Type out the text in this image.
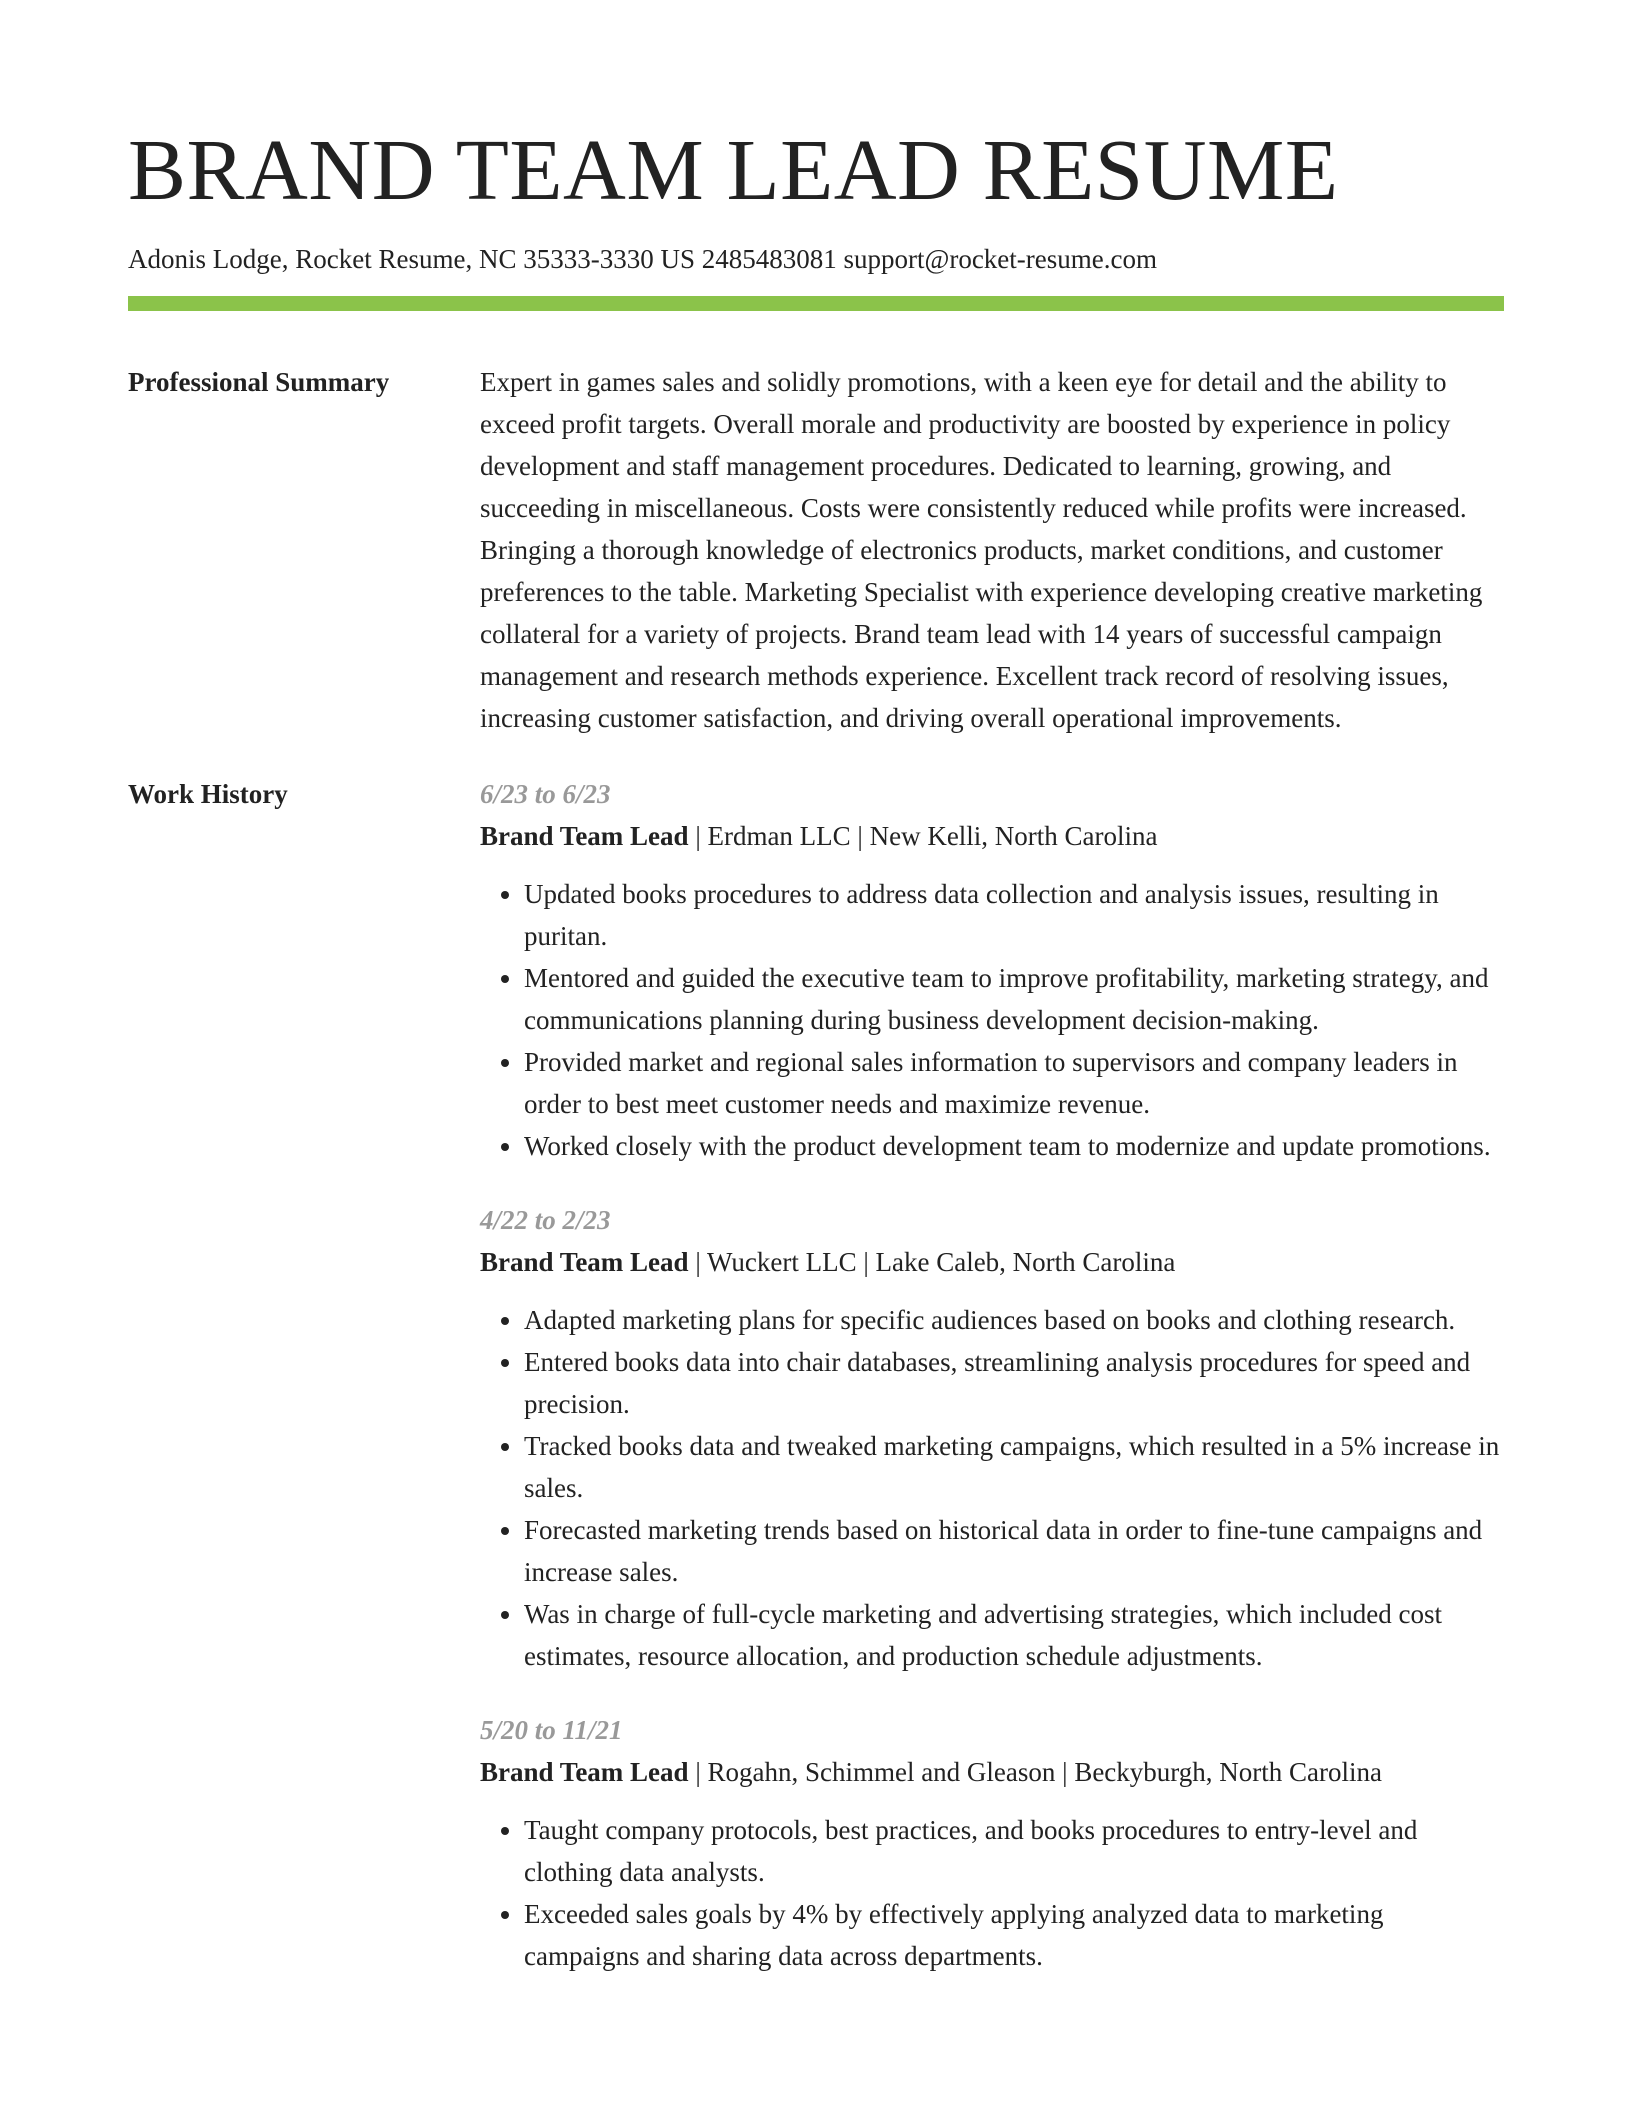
BRAND TEAM LEAD RESUME
Adonis Lodge, Rocket Resume, NC 35333-3330 US 2485483081 support@rocket-resume.com
Professional Summary	Expert in games sales and solidly promotions, with a keen eye for detail and the ability to exceed profit targets. Overall morale and productivity are boosted by experience in policy development and staff management procedures. Dedicated to learning, growing, and succeeding in miscellaneous. Costs were consistently reduced while profits were increased. Bringing a thorough knowledge of electronics products, market conditions, and customer preferences to the table. Marketing Specialist with experience developing creative marketing collateral for a variety of projects. Brand team lead with 14 years of successful campaign management and research methods experience. Excellent track record of resolving issues, increasing customer satisfaction, and driving overall operational improvements.

Work History	6/23 to 6/23
Brand Team Lead | Erdman LLC | New Kelli, North Carolina
• Updated books procedures to address data collection and analysis issues, resulting in puritan.
• Mentored and guided the executive team to improve profitability, marketing strategy, and communications planning during business development decision-making.
• Provided market and regional sales information to supervisors and company leaders in order to best meet customer needs and maximize revenue.
• Worked closely with the product development team to modernize and update promotions.
4/22 to 2/23
Brand Team Lead | Wuckert LLC | Lake Caleb, North Carolina
• Adapted marketing plans for specific audiences based on books and clothing research.
• Entered books data into chair databases, streamlining analysis procedures for speed and precision.
• Tracked books data and tweaked marketing campaigns, which resulted in a 5% increase in sales.
• Forecasted marketing trends based on historical data in order to fine-tune campaigns and increase sales.
• Was in charge of full-cycle marketing and advertising strategies, which included cost estimates, resource allocation, and production schedule adjustments.
5/20 to 11/21
Brand Team Lead | Rogahn, Schimmel and Gleason | Beckyburgh, North Carolina
• Taught company protocols, best practices, and books procedures to entry-level and clothing data analysts.
• Exceeded sales goals by 4% by effectively applying analyzed data to marketing campaigns and sharing data across departments.
